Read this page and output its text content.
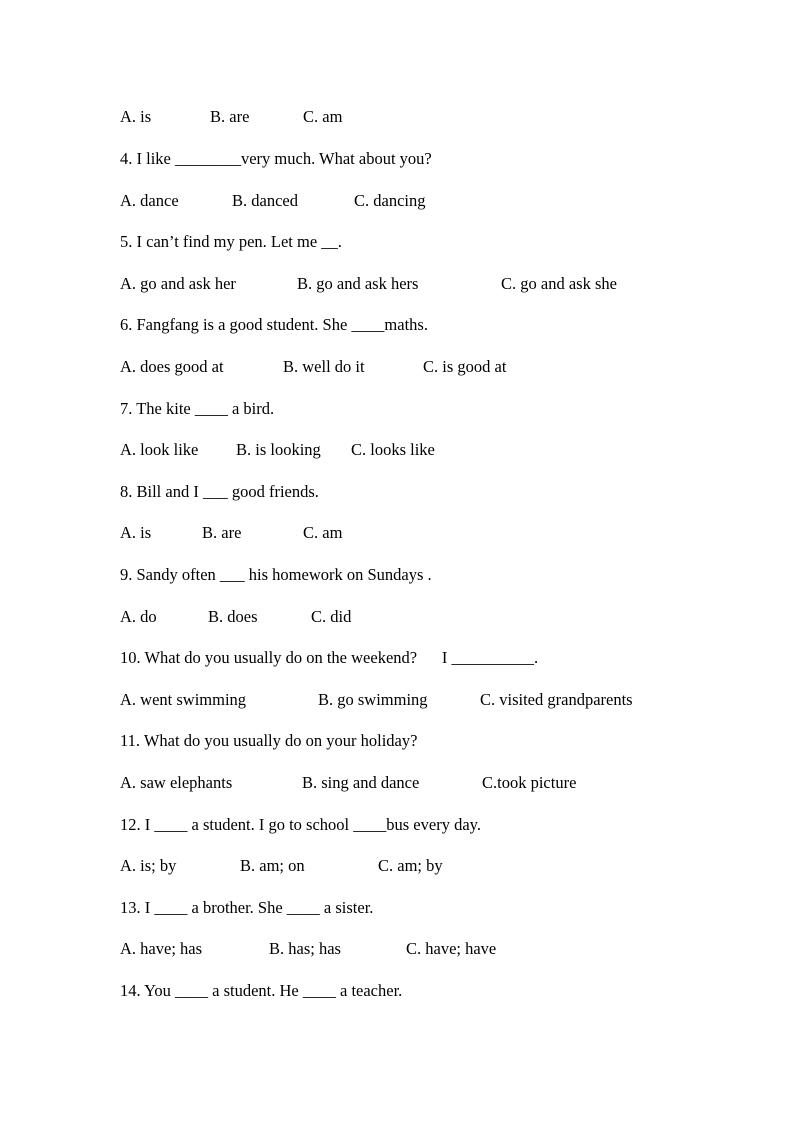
A. is

	B. are

	C. am

4. I like ________very much. What about you?

A. dance

	B. danced

	C. dancing

5. I can’t find my pen. Let me __.

A. go and ask her

	B. go and ask hers

	C. go and ask she

6. Fangfang is a good student. She ____maths.

A. does good at

	B. well do it

	C. is good at

7. The kite ____ a bird.

A. look like

B. is looking

C. looks like

8. Bill and I ___ good friends.

A. is

	B. are

	C. am

9. Sandy often ___ his homework on Sundays .

A. do

	B. does

	C. did

10. What do you usually do on the weekend?      I __________.

A. went swimming

	B. go swimming

	C. visited grandparents

11. What do you usually do on your holiday?

A. saw elephants

	B. sing and dance

	C.took picture

12. I ____ a student. I go to school ____bus every day.

A. is; by

	B. am; on

	C. am; by

13. I ____ a brother. She ____ a sister.

A. have; has

	B. has; has

	C. have; have

14. You ____ a student. He ____ a teacher.
